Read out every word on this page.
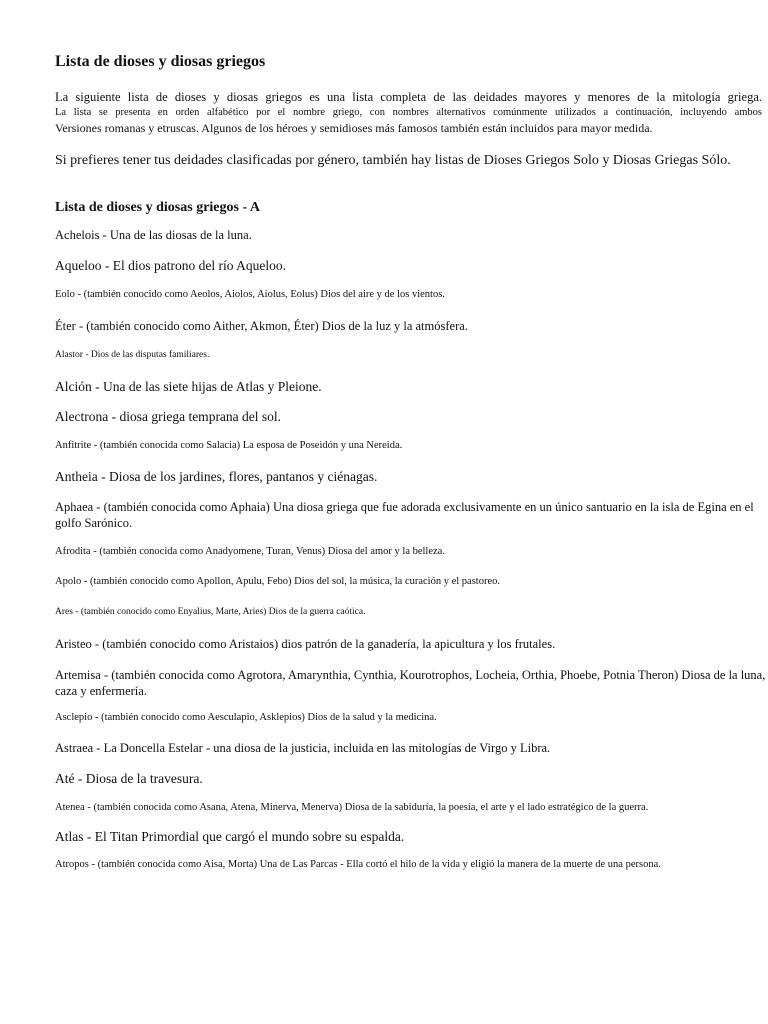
Lista de dioses y diosas griegos
La siguiente lista de dioses y diosas griegos es una lista completa de las deidades mayores y menores de la mitología griega.
La lista se presenta en orden alfabético por el nombre griego, con nombres alternativos comúnmente utilizados a continuación, incluyendo ambos
Versiones romanas y etruscas. Algunos de los héroes y semidioses más famosos también están incluidos para mayor medida.

Si prefieres tener tus deidades clasificadas por género, también hay listas de Dioses Griegos Solo y Diosas Griegas Sólo.

Lista de dioses y diosas griegos - A

Achelois - Una de las diosas de la luna.

Aqueloo - El dios patrono del río Aqueloo.

Eolo - (también conocido como Aeolos, Aiolos, Aiolus, Eolus) Dios del aire y de los vientos.

Éter - (también conocido como Aither, Akmon, Éter) Dios de la luz y la atmósfera.

Alastor - Dios de las disputas familiares.

Alción - Una de las siete hijas de Atlas y Pleione.

Alectrona - diosa griega temprana del sol.

Anfitrite - (también conocida como Salacia) La esposa de Poseidón y una Nereida.

Antheia - Diosa de los jardines, flores, pantanos y ciénagas.

Aphaea - (también conocida como Aphaia) Una diosa griega que fue adorada exclusivamente en un único santuario en la isla de Egina en el golfo Sarónico.

Afrodita - (también conocida como Anadyomene, Turan, Venus) Diosa del amor y la belleza.

Apolo - (también conocido como Apollon, Apulu, Febo) Dios del sol, la música, la curación y el pastoreo.

Ares - (también conocido como Enyalius, Marte, Aries) Dios de la guerra caótica.

Aristeo - (también conocido como Aristaios) dios patrón de la ganadería, la apicultura y los frutales.

Artemisa - (también conocida como Agrotora, Amarynthia, Cynthia, Kourotrophos, Locheia, Orthia, Phoebe, Potnia Theron) Diosa de la luna, caza y enfermería.

Asclepio - (también conocido como Aesculapio, Asklepios) Dios de la salud y la medicina.

Astraea - La Doncella Estelar - una diosa de la justicia, incluida en las mitologías de Virgo y Libra.

Até - Diosa de la travesura.

Atenea - (también conocida como Asana, Atena, Minerva, Menerva) Diosa de la sabiduría, la poesía, el arte y el lado estratégico de la guerra.

Atlas - El Titan Primordial que cargó el mundo sobre su espalda.

Atropos - (también conocida como Aisa, Morta) Una de Las Parcas - Ella cortó el hilo de la vida y eligió la manera de la muerte de una persona.
